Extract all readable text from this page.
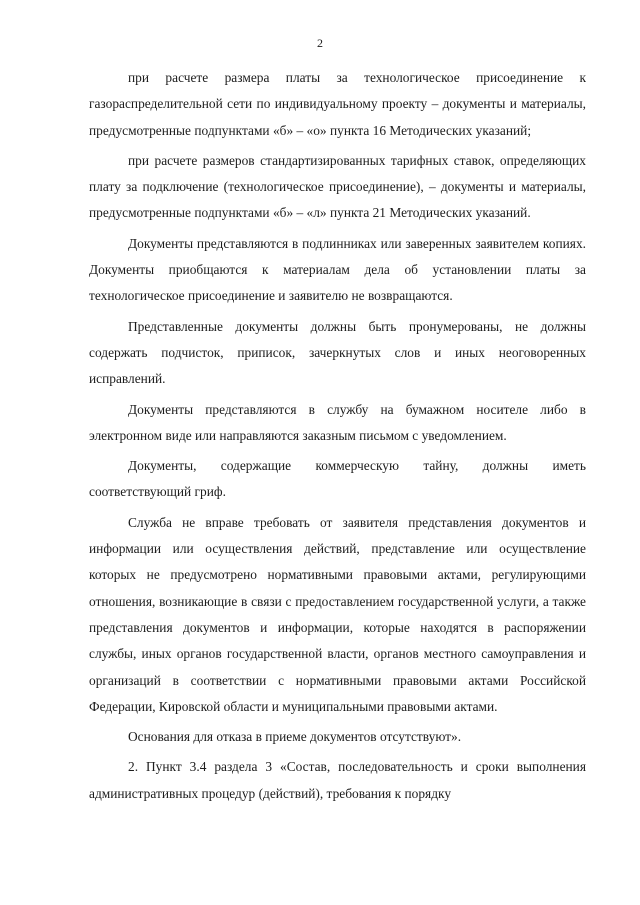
2

при расчете размера платы за технологическое присоединение к газораспределительной сети по индивидуальному проекту – документы и материалы, предусмотренные подпунктами «б» – «о» пункта 16 Методических указаний;

при расчете размеров стандартизированных тарифных ставок, определяющих плату за подключение (технологическое присоединение), – документы и материалы, предусмотренные подпунктами «б» – «л» пункта 21 Методических указаний.

Документы представляются в подлинниках или заверенных заявителем копиях. Документы приобщаются к материалам дела об установлении платы за технологическое присоединение и заявителю не возвращаются.

Представленные документы должны быть пронумерованы, не должны содержать подчисток, приписок, зачеркнутых слов и иных неоговоренных исправлений.

Документы представляются в службу на бумажном носителе либо в электронном виде или направляются заказным письмом с уведомлением.

Документы, содержащие коммерческую тайну, должны иметь соответствующий гриф.

Служба не вправе требовать от заявителя представления документов и информации или осуществления действий, представление или осуществление которых не предусмотрено нормативными правовыми актами, регулирующими отношения, возникающие в связи с предоставлением государственной услуги, а также представления документов и информации, которые находятся в распоряжении службы, иных органов государственной власти, органов местного самоуправления и организаций в соответствии с нормативными правовыми актами Российской Федерации, Кировской области и муниципальными правовыми актами.

Основания для отказа в приеме документов отсутствуют».

2. Пункт 3.4 раздела 3 «Состав, последовательность и сроки выполнения административных процедур (действий), требования к порядку
